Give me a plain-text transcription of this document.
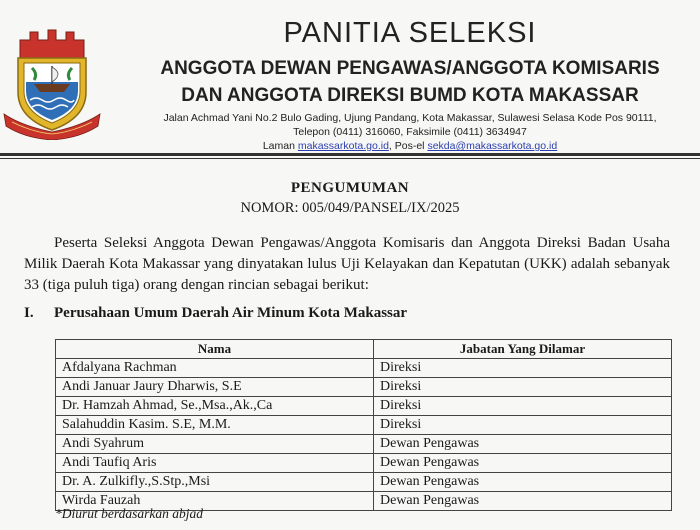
PANITIA SELEKSI
ANGGOTA DEWAN PENGAWAS/ANGGOTA KOMISARIS
DAN ANGGOTA DIREKSI BUMD KOTA MAKASSAR

Jalan Achmad Yani No.2 Bulo Gading, Ujung Pandang, Kota Makassar, Sulawesi Selasa Kode Pos 90111,

Telepon (0411) 316060, Faksimile (0411) 3634947

Laman makassarkota.go.id, Pos-el sekda@makassarkota.go.id

PENGUMUMAN

NOMOR: 005/049/PANSEL/IX/2025

Peserta Seleksi Anggota Dewan Pengawas/Anggota Komisaris dan Anggota Direksi Badan Usaha Milik Daerah Kota Makassar yang dinyatakan lulus Uji Kelayakan dan Kepatutan (UKK) adalah sebanyak 33 (tiga puluh tiga) orang dengan rincian sebagai berikut:

I. Perusahaan Umum Daerah Air Minum Kota Makassar

Nama	Jabatan Yang Dilamar
Afdalyana Rachman	Direksi
Andi Januar Jaury Dharwis, S.E	Direksi
Dr. Hamzah Ahmad, Se.,Msa.,Ak.,Ca	Direksi
Salahuddin Kasim. S.E, M.M.	Direksi
Andi Syahrum	Dewan Pengawas
Andi Taufiq Aris	Dewan Pengawas
Dr. A. Zulkifly.,S.Stp.,Msi	Dewan Pengawas
Wirda Fauzah	Dewan Pengawas

*Diurut berdasarkan abjad
